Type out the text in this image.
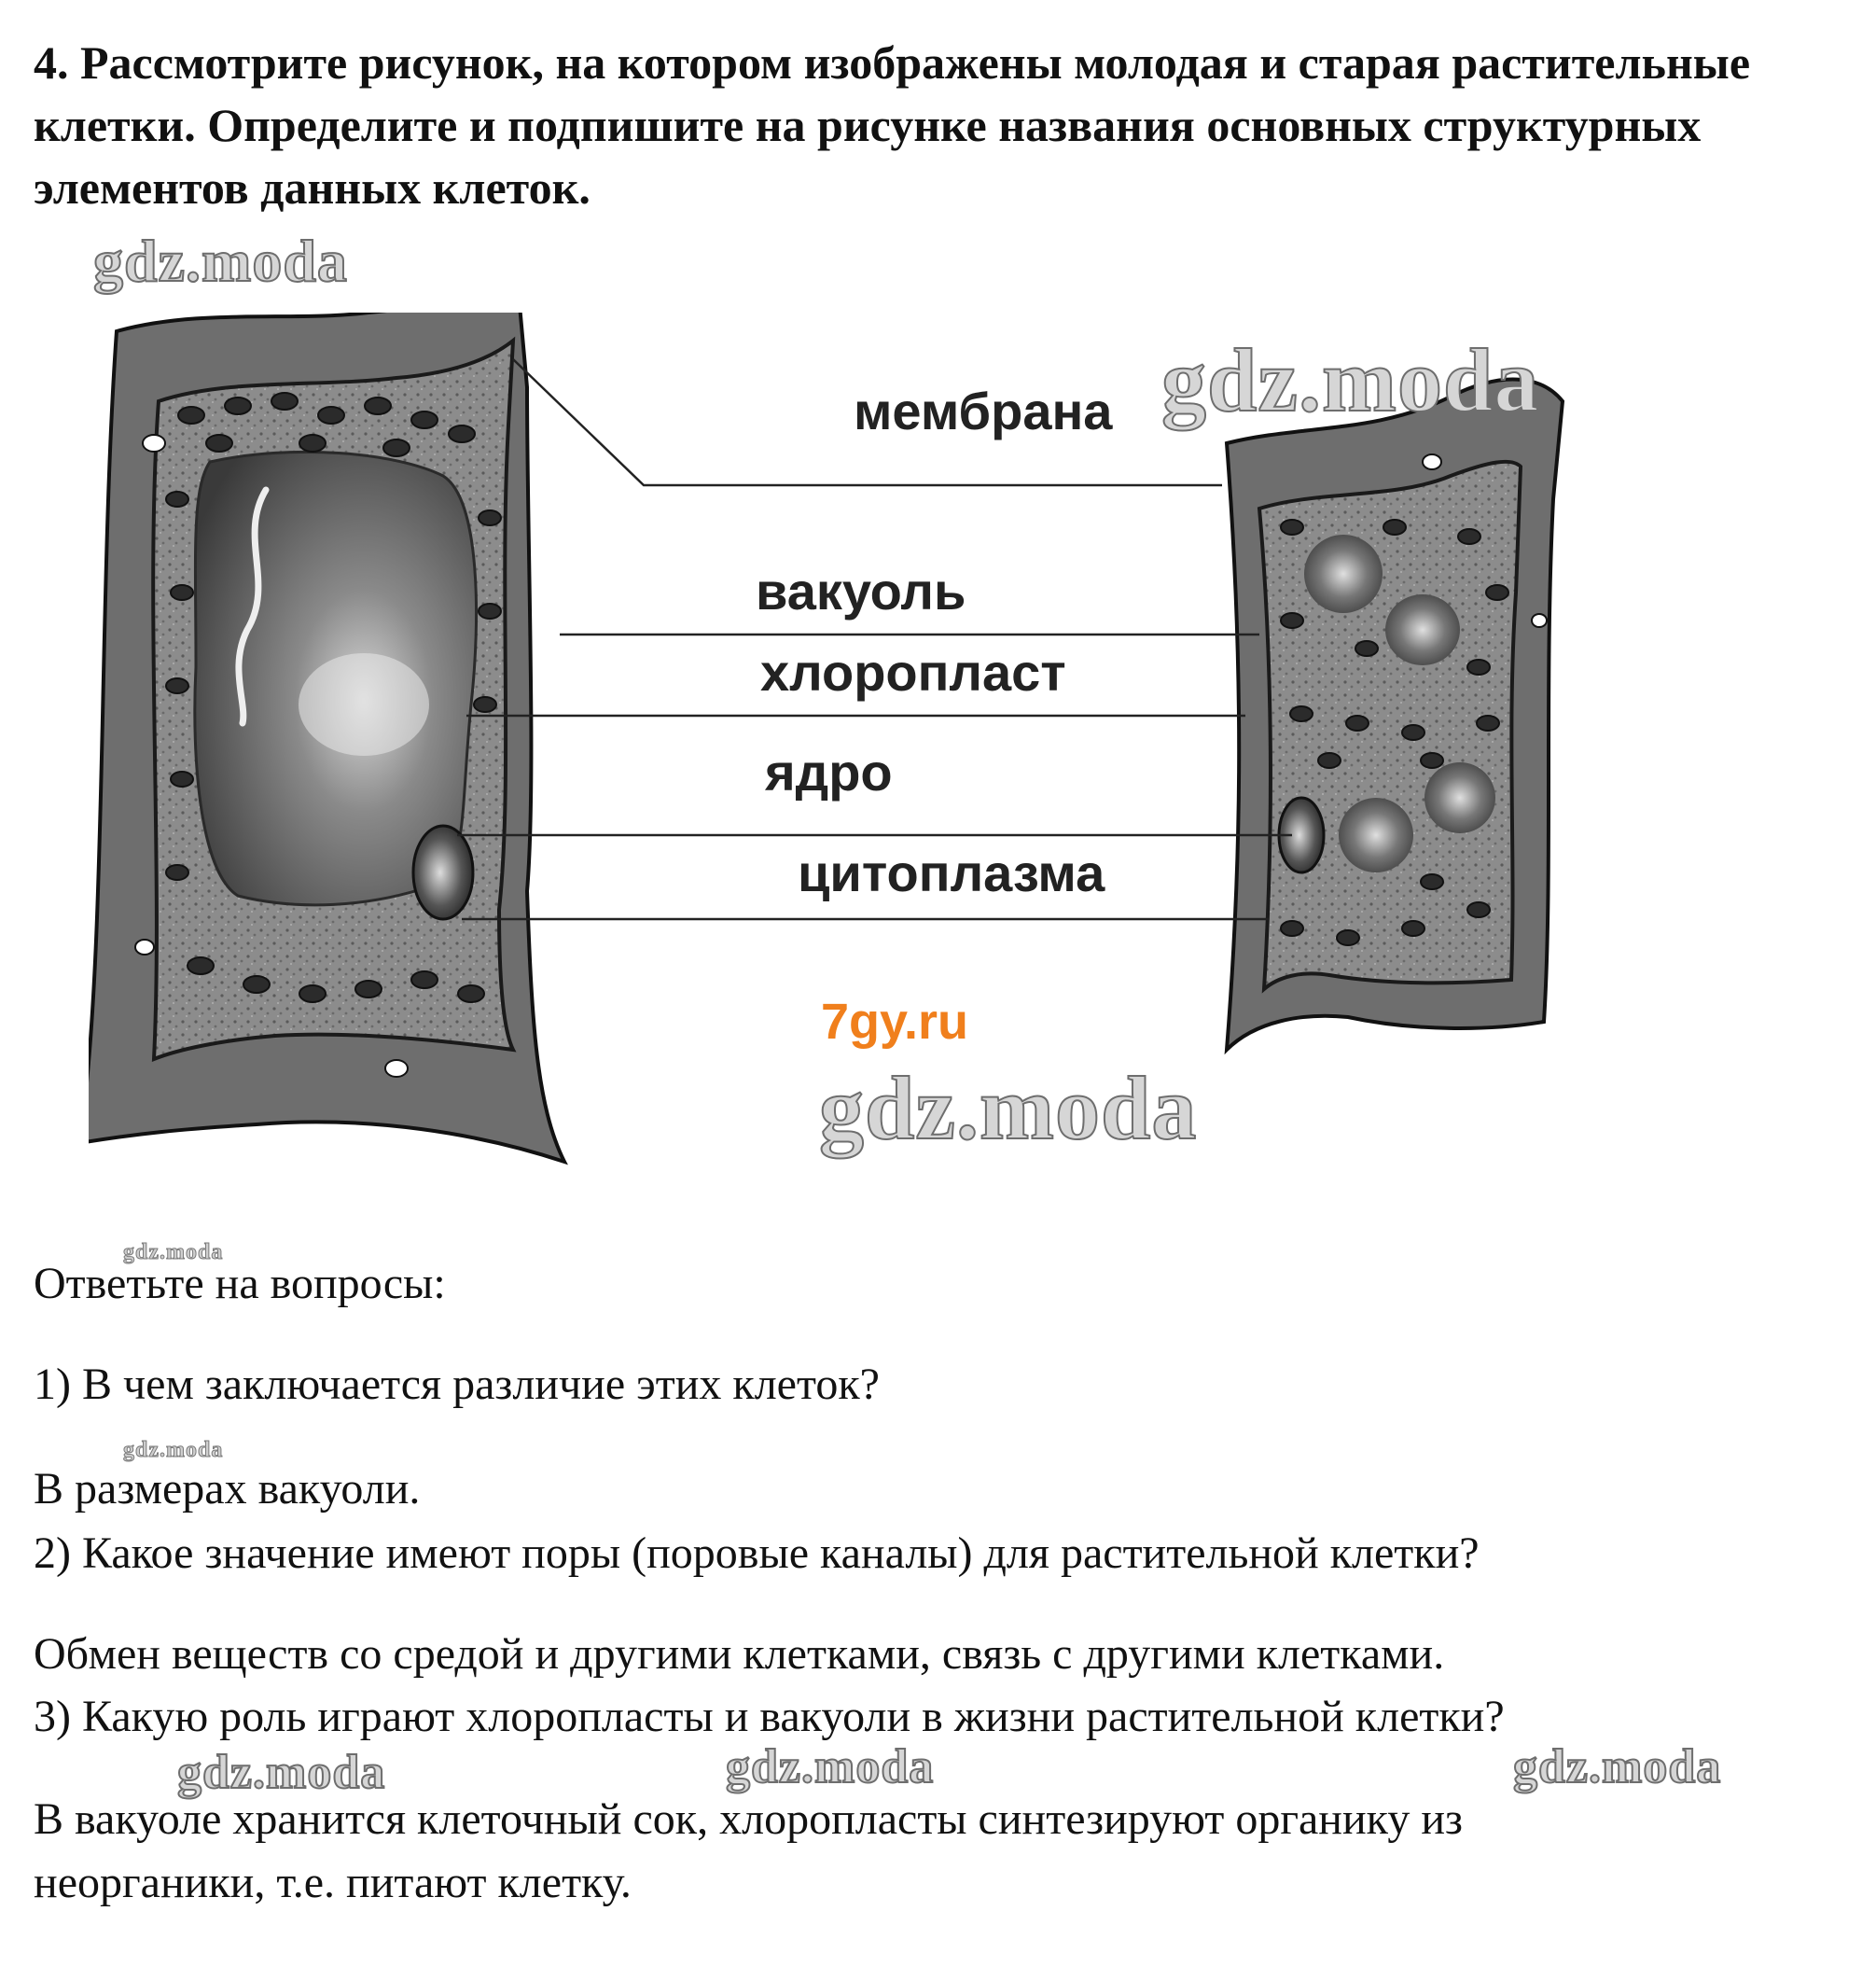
4. Рассмотрите рисунок, на котором изображены молодая и старая растительные клетки. Определите и подпишите на рисунке названия основных структурных элементов данных клеток.
gdz.moda
мембрана
вакуоль
хлоропласт
ядро
цитоплазма
7gy.ru
gdz.moda
gdz.moda
gdz.moda

Ответьте на вопросы:

1) В чем заключается различие этих клеток?

gdz.moda

В размерах вакуоли.

2) Какое значение имеют поры (поровые каналы) для растительной клетки?

Обмен веществ со средой и другими клетками, связь с другими клетками.

3) Какую роль играют хлоропласты и вакуоли в жизни растительной клетки?

gdz.moda	gdz.moda	gdz.moda

В вакуоле хранится клеточный сок, хлоропласты синтезируют органику из

неорганики, т.е. питают клетку.
